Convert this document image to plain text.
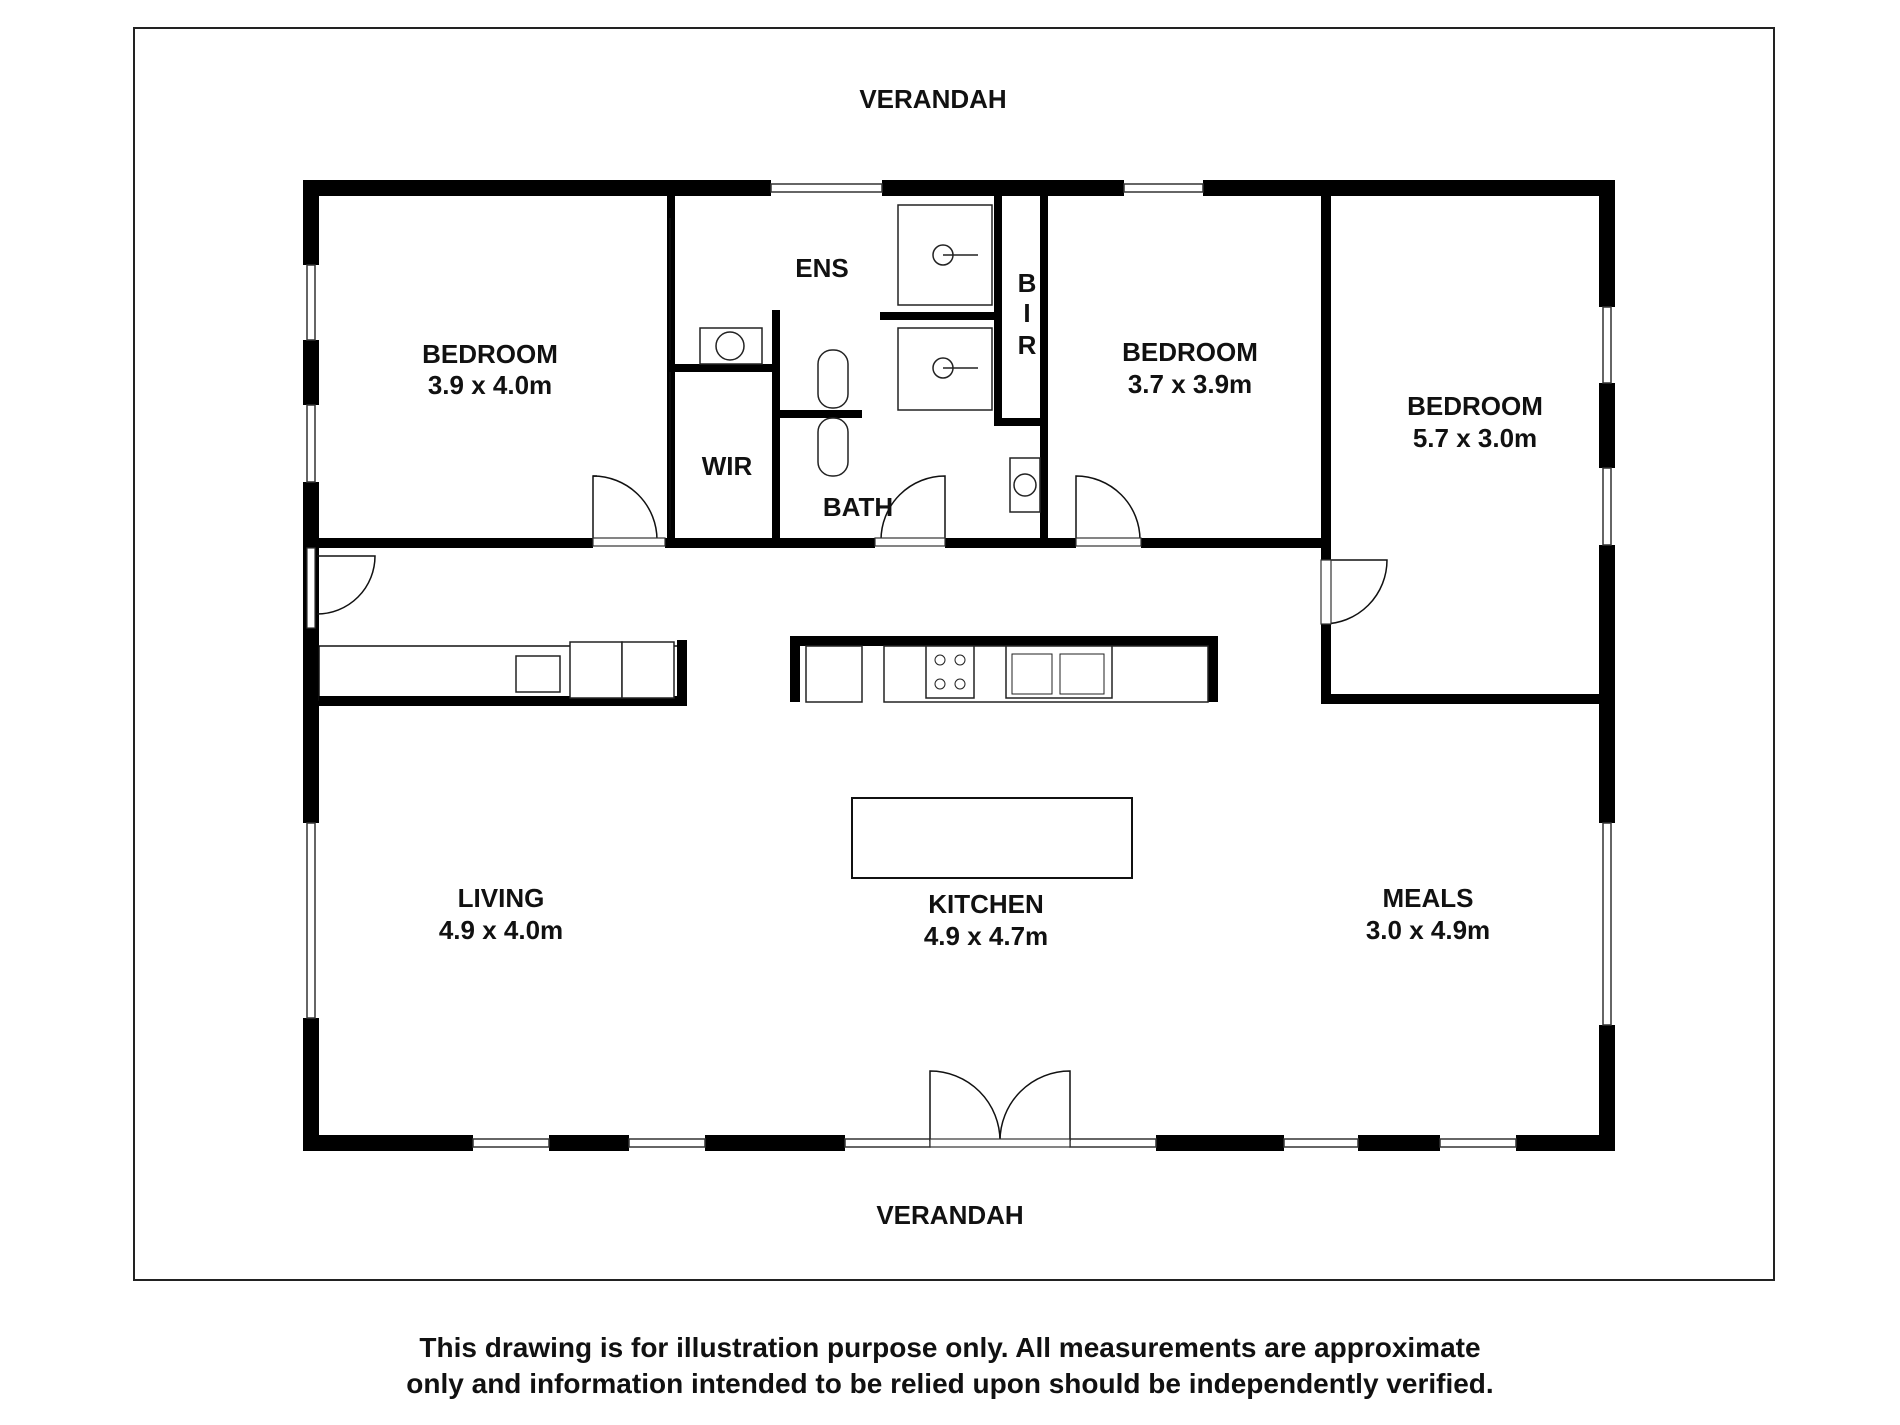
VERANDAH
VERANDAH
BEDROOM
3.9 x 4.0m
BEDROOM
3.7 x 3.9m
BEDROOM
5.7 x 3.0m
ENS
WIR
BATH
B
I
R
LIVING
4.9 x 4.0m
KITCHEN
4.9 x 4.7m
MEALS
3.0 x 4.9m
This drawing is for illustration purpose only. All measurements are approximate
only and information intended to be relied upon should be independently verified.
